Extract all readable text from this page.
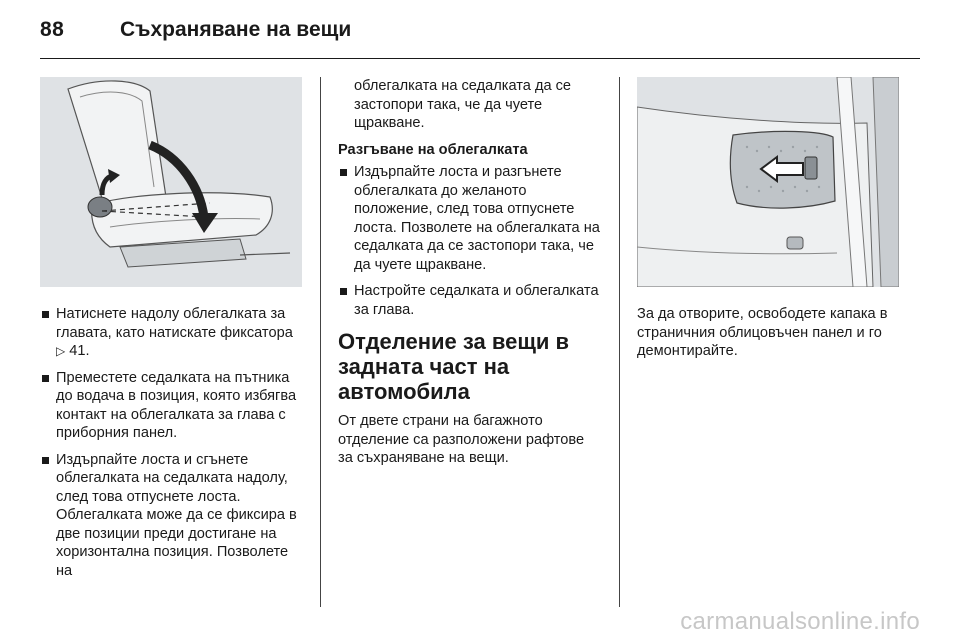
88	Съхраняване на вещи
Натиснете надолу облегалката за главата, като натискате фиксатора ▷ 41.
Преместете седалката на пътника до водача в позиция, която избягва контакт на облегалката за глава с приборния панел.
Издърпайте лоста и сгънете облегалката на седалката надолу, след това отпуснете лоста. Облегалката може да се фиксира в две позиции преди достигане на хоризонтална позиция. Позволете на

облегалката на седалката да се застопори така, че да чуете щракване.

Разгъване на облегалката
Издърпайте лоста и разгънете облегалката до желаното положение, след това отпуснете лоста. Позволете на облегалката на седалката да се застопори така, че да чуете щракване.
Настройте седалката и облегалката за глава.
Отделение за вещи в задната част на автомобила

От двете страни на багажното отделение са разположени рафтове за съхраняване на вещи.

За да отворите, освободете капака в страничния облицовъчен панел и го демонтирайте.

carmanualsonline.info
